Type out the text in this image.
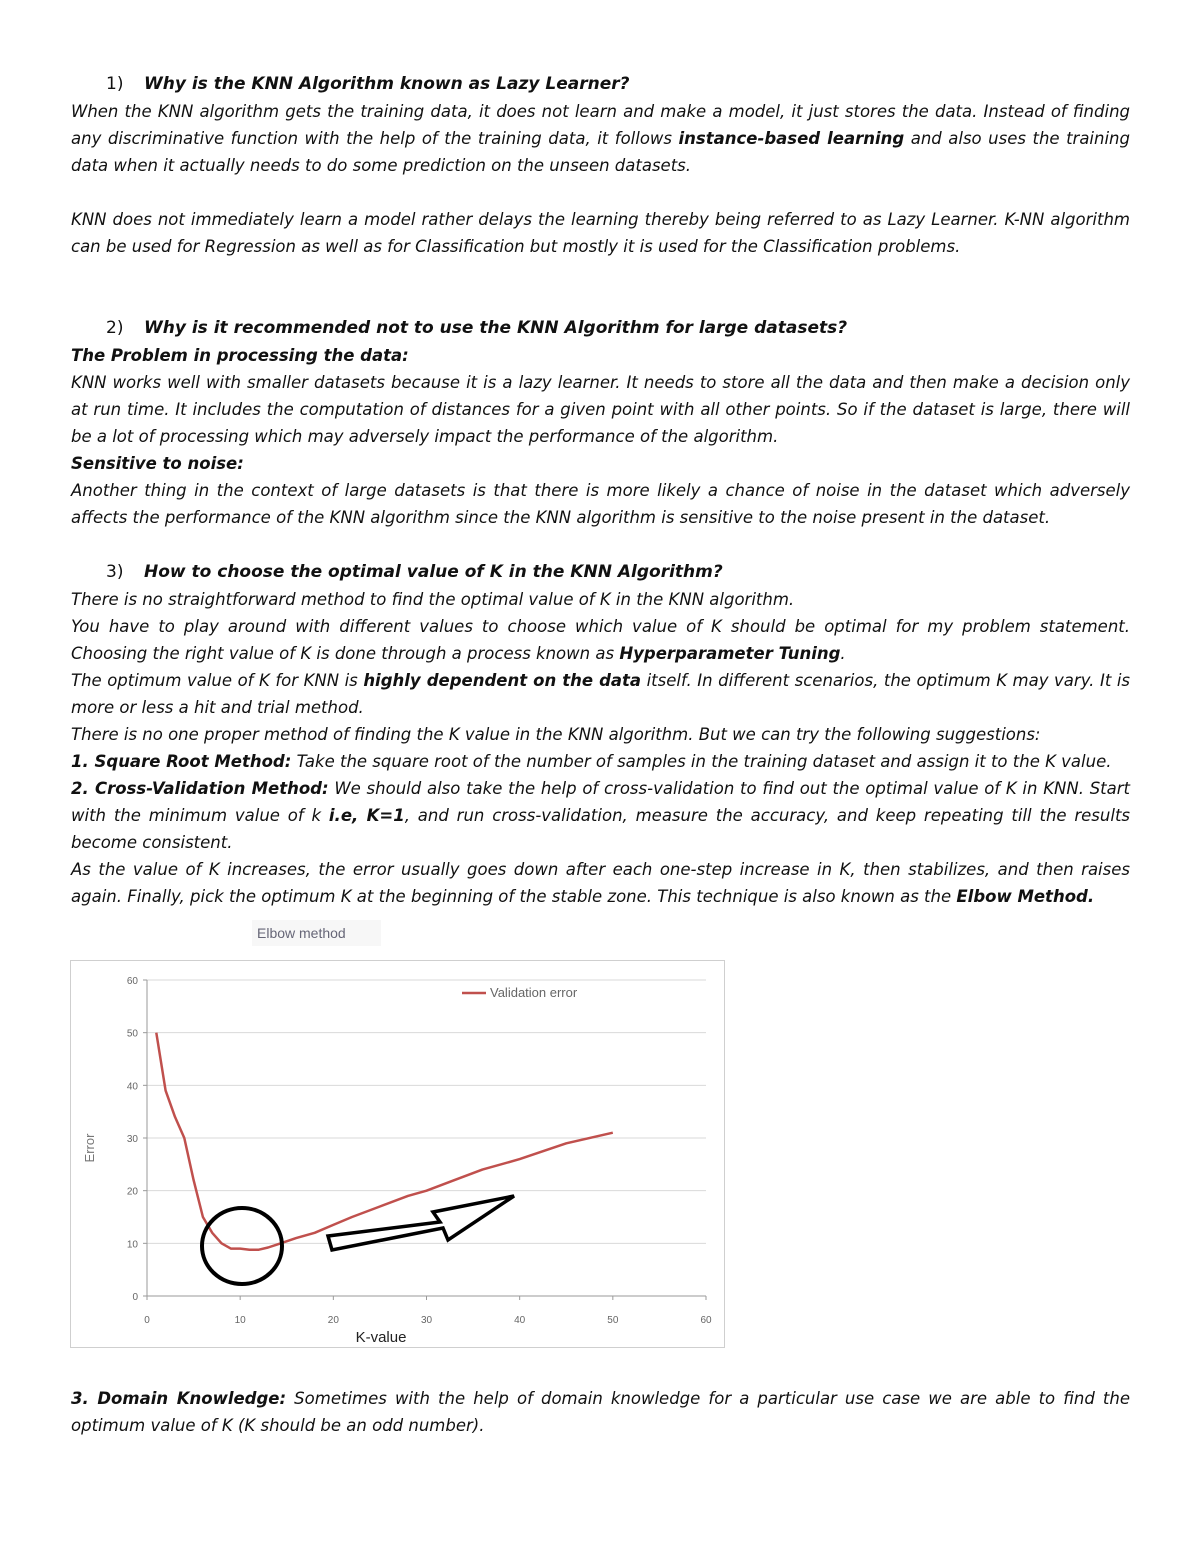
1) Why is the KNN Algorithm known as Lazy Learner?
When the KNN algorithm gets the training data, it does not learn and make a model, it just stores the data. Instead of finding any discriminative function with the help of the training data, it follows instance-based learning and also uses the training data when it actually needs to do some prediction on the unseen datasets.
KNN does not immediately learn a model rather delays the learning thereby being referred to as Lazy Learner. K-NN algorithm can be used for Regression as well as for Classification but mostly it is used for the Classification problems.
2) Why is it recommended not to use the KNN Algorithm for large datasets?
The Problem in processing the data:
KNN works well with smaller datasets because it is a lazy learner. It needs to store all the data and then make a decision only at run time. It includes the computation of distances for a given point with all other points. So if the dataset is large, there will be a lot of processing which may adversely impact the performance of the algorithm.
Sensitive to noise:
Another thing in the context of large datasets is that there is more likely a chance of noise in the dataset which adversely affects the performance of the KNN algorithm since the KNN algorithm is sensitive to the noise present in the dataset.
3) How to choose the optimal value of K in the KNN Algorithm?
There is no straightforward method to find the optimal value of K in the KNN algorithm.
You have to play around with different values to choose which value of K should be optimal for my problem statement. Choosing the right value of K is done through a process known as Hyperparameter Tuning.
The optimum value of K for KNN is highly dependent on the data itself. In different scenarios, the optimum K may vary. It is more or less a hit and trial method.
There is no one proper method of finding the K value in the KNN algorithm. But we can try the following suggestions:
1. Square Root Method: Take the square root of the number of samples in the training dataset and assign it to the K value.
2. Cross-Validation Method: We should also take the help of cross-validation to find out the optimal value of K in KNN. Start with the minimum value of k i.e, K=1, and run cross-validation, measure the accuracy, and keep repeating till the results become consistent.
As the value of K increases, the error usually goes down after each one-step increase in K, then stabilizes, and then raises again. Finally, pick the optimum K at the beginning of the stable zone. This technique is also known as the Elbow Method.
Elbow method
0
10
20
30
40
50
60
0	10	20	30	40	50	60
Error
K-value
Validation error
3. Domain Knowledge: Sometimes with the help of domain knowledge for a particular use case we are able to find the optimum value of K (K should be an odd number).
